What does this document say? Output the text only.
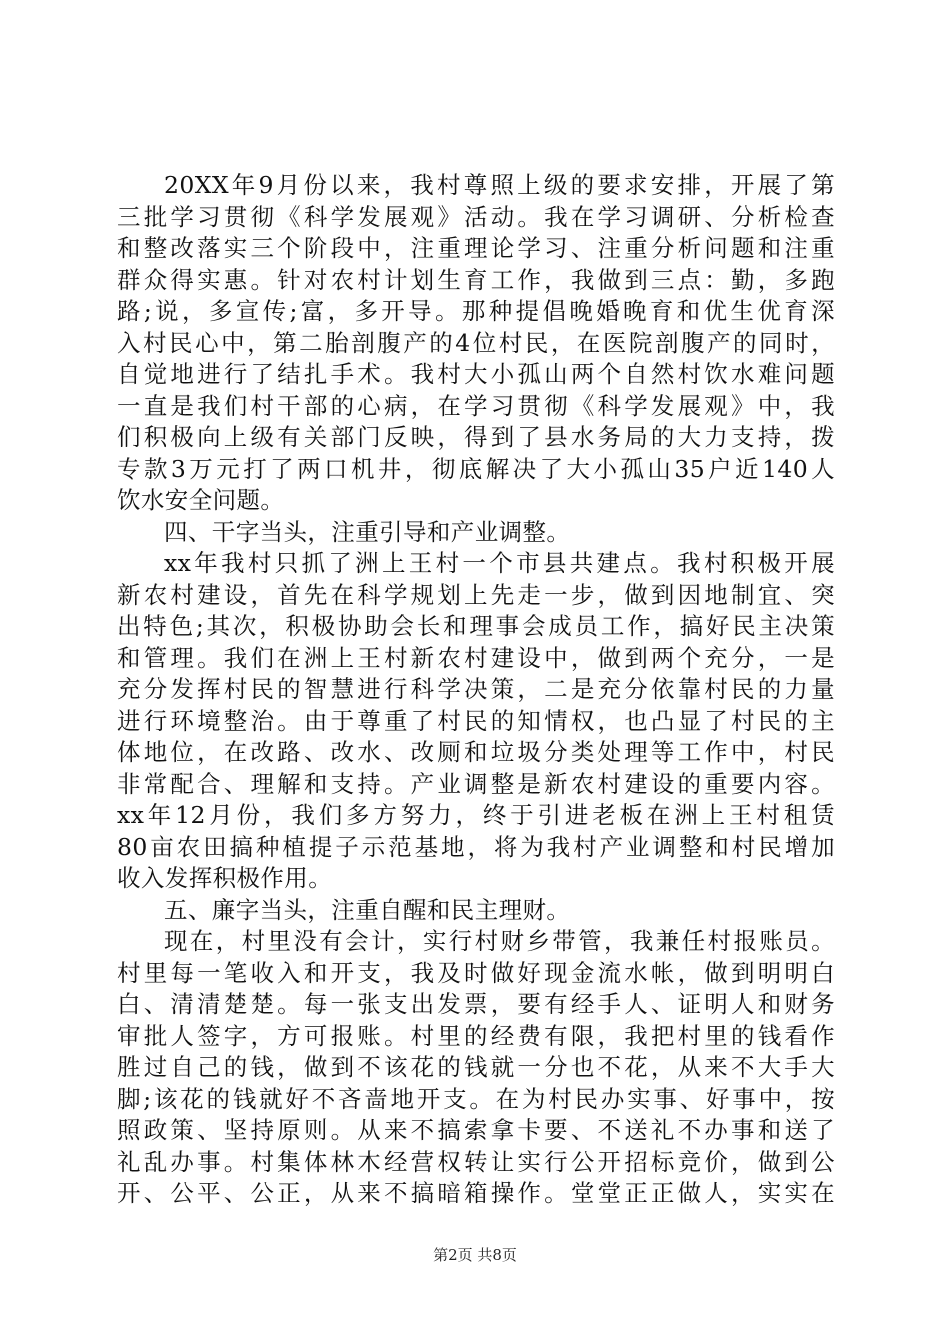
20XX年9月份以来，我村尊照上级的要求安排，开展了第
三批学习贯彻《科学发展观》活动。我在学习调研、分析检查
和整改落实三个阶段中，注重理论学习、注重分析问题和注重
群众得实惠。针对农村计划生育工作，我做到三点：勤，多跑
路;说，多宣传;富，多开导。那种提倡晚婚晚育和优生优育深
入村民心中，第二胎剖腹产的4位村民，在医院剖腹产的同时，
自觉地进行了结扎手术。我村大小孤山两个自然村饮水难问题
一直是我们村干部的心病，在学习贯彻《科学发展观》中，我
们积极向上级有关部门反映，得到了县水务局的大力支持，拨
专款3万元打了两口机井，彻底解决了大小孤山35户近140人
饮水安全问题。
四、干字当头，注重引导和产业调整。
xx年我村只抓了洲上王村一个市县共建点。我村积极开展
新农村建设，首先在科学规划上先走一步，做到因地制宜、突
出特色;其次，积极协助会长和理事会成员工作，搞好民主决策
和管理。我们在洲上王村新农村建设中，做到两个充分，一是
充分发挥村民的智慧进行科学决策，二是充分依靠村民的力量
进行环境整治。由于尊重了村民的知情权，也凸显了村民的主
体地位，在改路、改水、改厕和垃圾分类处理等工作中，村民
非常配合、理解和支持。产业调整是新农村建设的重要内容。
xx年12月份，我们多方努力，终于引进老板在洲上王村租赁
80亩农田搞种植提子示范基地，将为我村产业调整和村民增加
收入发挥积极作用。
五、廉字当头，注重自醒和民主理财。
现在，村里没有会计，实行村财乡带管，我兼任村报账员。
村里每一笔收入和开支，我及时做好现金流水帐，做到明明白
白、清清楚楚。每一张支出发票，要有经手人、证明人和财务
审批人签字，方可报账。村里的经费有限，我把村里的钱看作
胜过自己的钱，做到不该花的钱就一分也不花，从来不大手大
脚;该花的钱就好不吝啬地开支。在为村民办实事、好事中，按
照政策、坚持原则。从来不搞索拿卡要、不送礼不办事和送了
礼乱办事。村集体林木经营权转让实行公开招标竞价，做到公
开、公平、公正，从来不搞暗箱操作。堂堂正正做人，实实在
第2页 共8页
